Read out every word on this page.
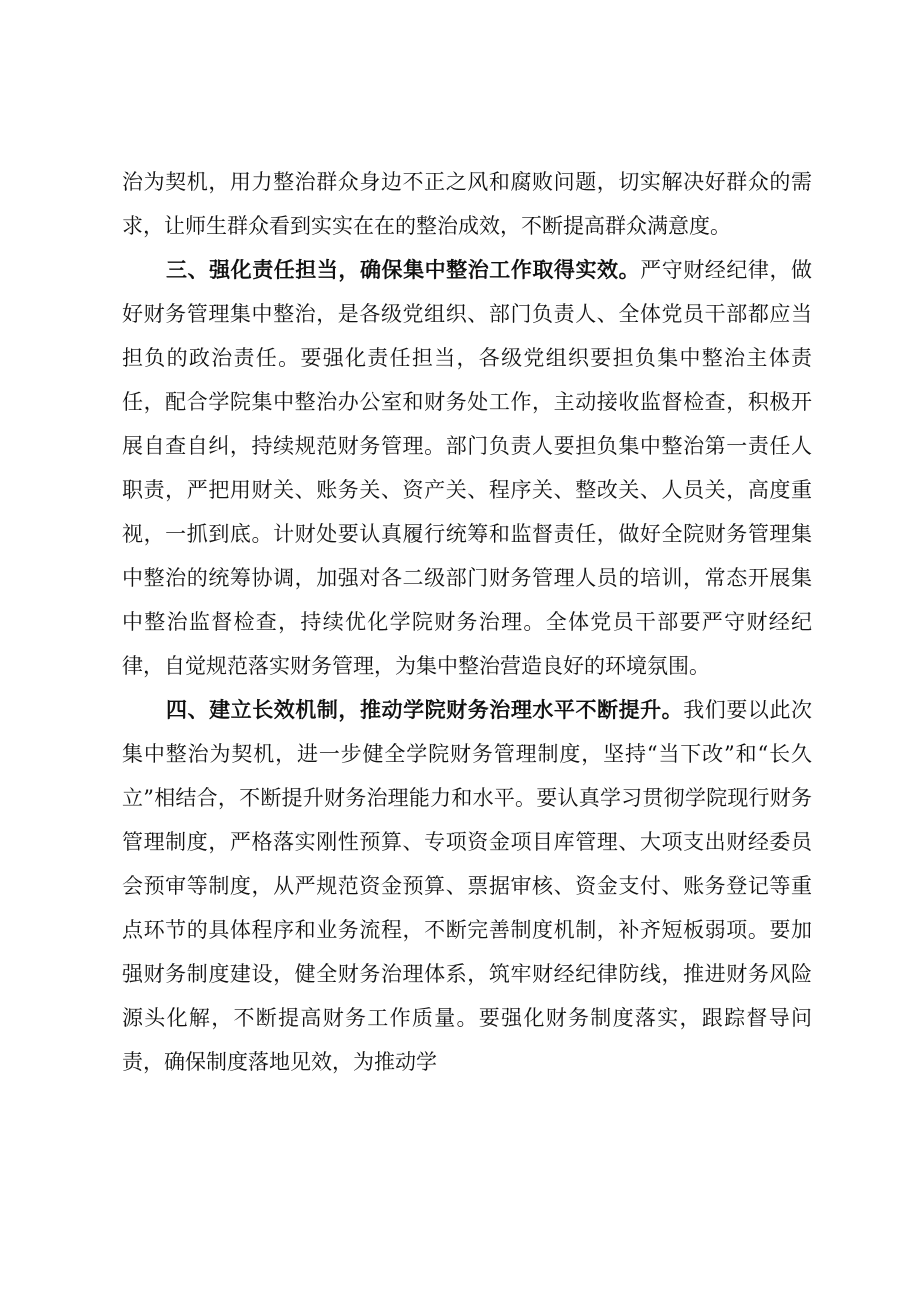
治为契机，用力整治群众身边不正之风和腐败问题，切实解决好群众的需求，让师生群众看到实实在在的整治成效，不断提高群众满意度。

三、强化责任担当，确保集中整治工作取得实效。严守财经纪律，做好财务管理集中整治，是各级党组织、部门负责人、全体党员干部都应当担负的政治责任。要强化责任担当，各级党组织要担负集中整治主体责任，配合学院集中整治办公室和财务处工作，主动接收监督检查，积极开展自查自纠，持续规范财务管理。部门负责人要担负集中整治第一责任人职责，严把用财关、账务关、资产关、程序关、整改关、人员关，高度重视，一抓到底。计财处要认真履行统筹和监督责任，做好全院财务管理集中整治的统筹协调，加强对各二级部门财务管理人员的培训，常态开展集中整治监督检查，持续优化学院财务治理。全体党员干部要严守财经纪律，自觉规范落实财务管理，为集中整治营造良好的环境氛围。

四、建立长效机制，推动学院财务治理水平不断提升。我们要以此次集中整治为契机，进一步健全学院财务管理制度，坚持“当下改”和“长久立”相结合，不断提升财务治理能力和水平。要认真学习贯彻学院现行财务管理制度，严格落实刚性预算、专项资金项目库管理、大项支出财经委员会预审等制度，从严规范资金预算、票据审核、资金支付、账务登记等重点环节的具体程序和业务流程，不断完善制度机制，补齐短板弱项。要加强财务制度建设，健全财务治理体系，筑牢财经纪律防线，推进财务风险源头化解，不断提高财务工作质量。要强化财务制度落实，跟踪督导问责，确保制度落地见效，为推动学
